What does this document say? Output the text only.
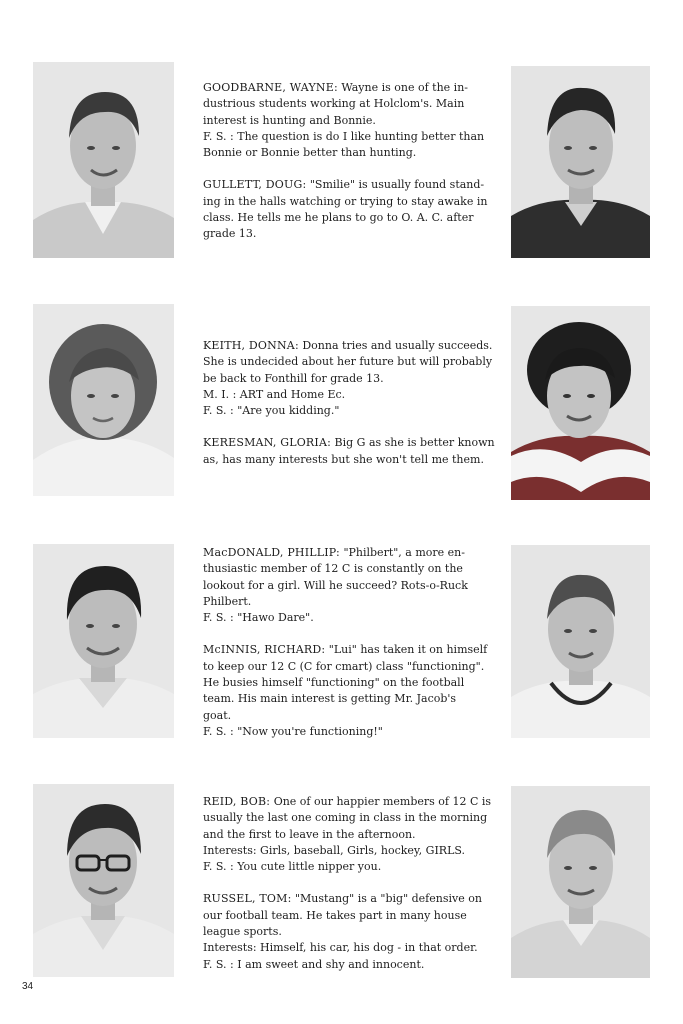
GOODBARNE, WAYNE: Wayne is one of the in-

dustrious students working at Holclom's. Main

interest is hunting and Bonnie.

F. S. : The question is do I like hunting better than

Bonnie or Bonnie better than hunting.

GULLETT, DOUG: "Smilie" is usually found stand-

ing in the halls watching or trying to stay awake in

class. He tells me he plans to go to O. A. C. after

grade 13.

KEITH, DONNA: Donna tries and usually succeeds.

She is undecided about her future but will probably

be back to Fonthill for grade 13.

M. I. : ART and Home Ec.

F. S. : "Are you kidding."

KERESMAN, GLORIA: Big G as she is better known

as, has many interests but she won't tell me them.

MacDONALD, PHILLIP: "Philbert", a more en-

thusiastic member of 12 C is constantly on the

lookout for a girl. Will he succeed? Rots-o-Ruck

Philbert.

F. S. : "Hawo Dare".

McINNIS, RICHARD: "Lui" has taken it on himself

to keep our 12 C (C for cmart) class "functioning".

He busies himself "functioning" on the football

team. His main interest is getting Mr. Jacob's

goat.

F. S. : "Now you're functioning!"

REID, BOB: One of our happier members of 12 C is

usually the last one coming in class in the morning

and the first to leave in the afternoon.

Interests: Girls, baseball, Girls, hockey, GIRLS.

F. S. : You cute little nipper you.

RUSSEL, TOM: "Mustang" is a "big" defensive on

our football team. He takes part in many house

league sports.

Interests: Himself, his car, his dog - in that order.

F. S. : I am sweet and shy and innocent.

34
